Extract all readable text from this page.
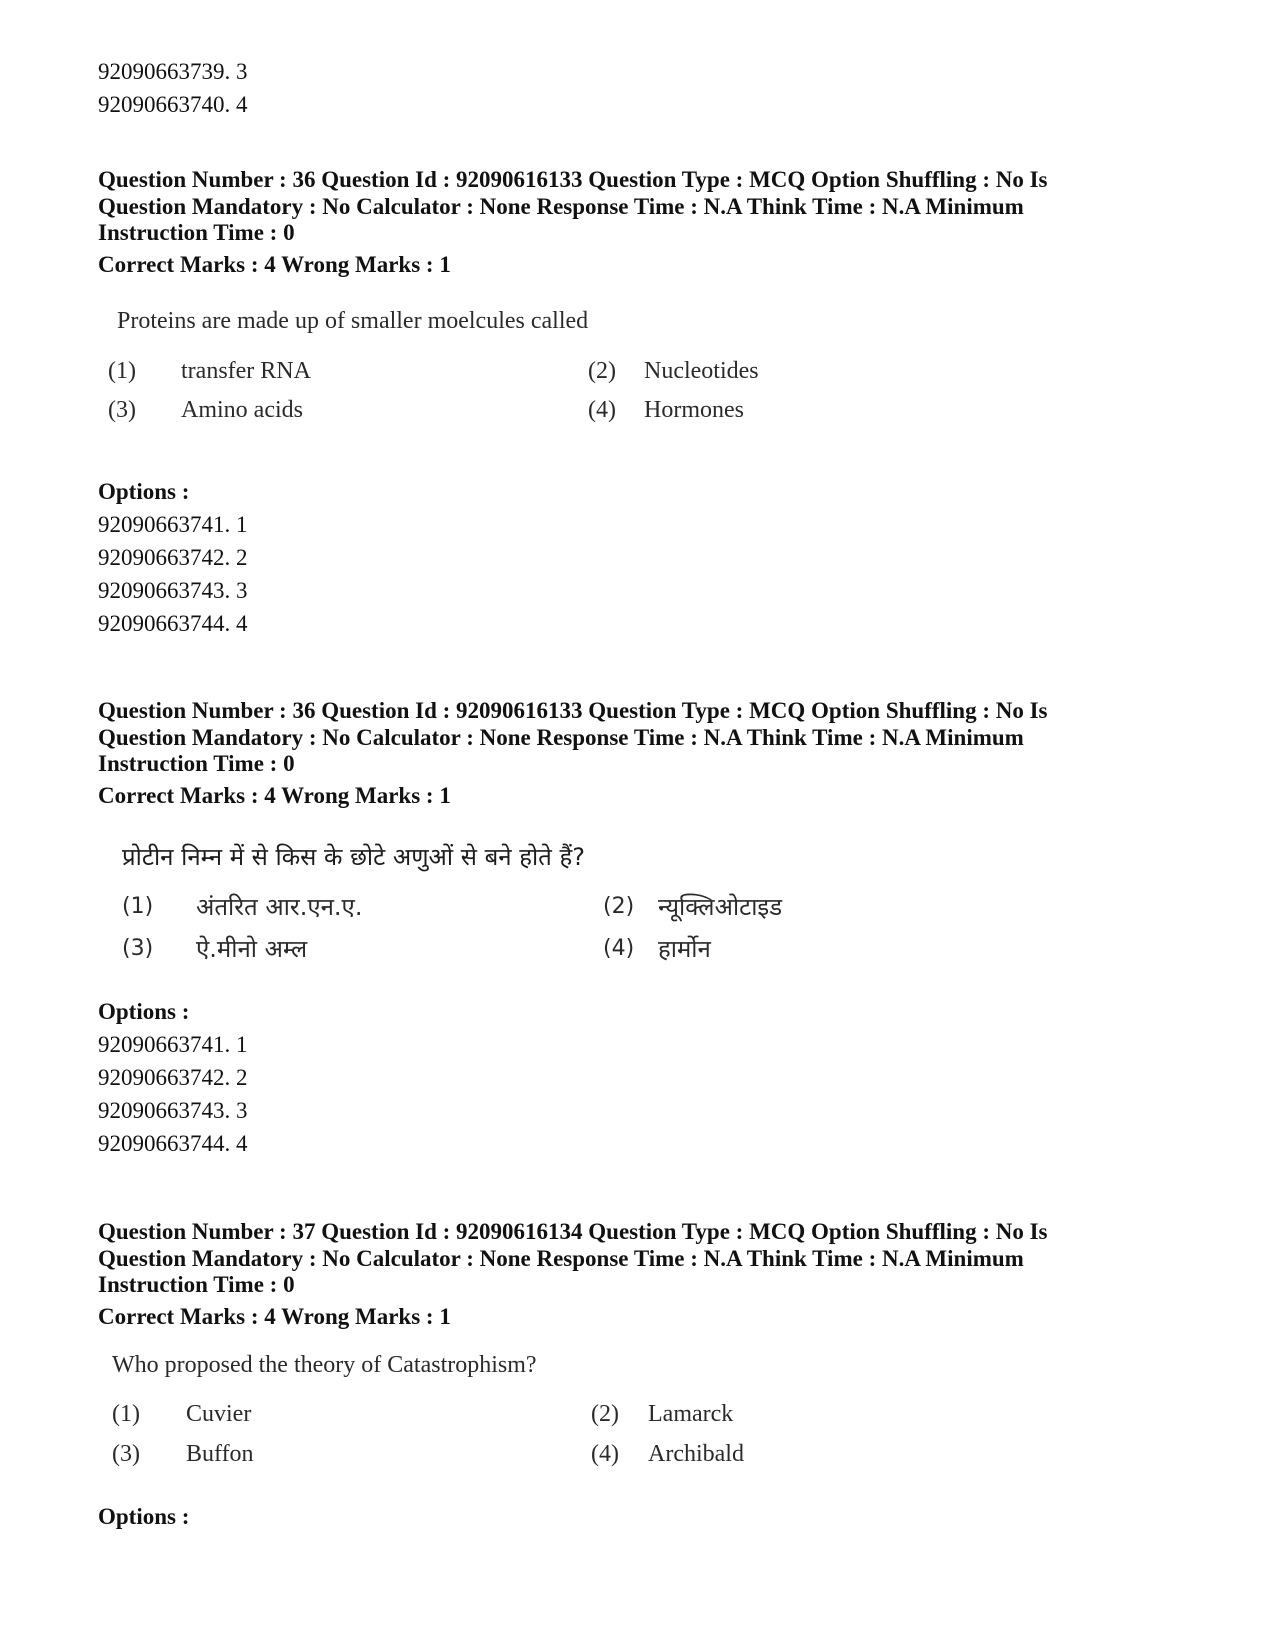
92090663739. 3
92090663740. 4
Question Number : 36 Question Id : 92090616133 Question Type : MCQ Option Shuffling : No Is
Question Mandatory : No Calculator : None Response Time : N.A Think Time : N.A Minimum
Instruction Time : 0
Correct Marks : 4 Wrong Marks : 1
Proteins are made up of smaller moelcules called
(1) transfer RNA	(2) Nucleotides
(3) Amino acids	(4) Hormones
Options :
92090663741. 1
92090663742. 2
92090663743. 3
92090663744. 4
Question Number : 36 Question Id : 92090616133 Question Type : MCQ Option Shuffling : No Is
Question Mandatory : No Calculator : None Response Time : N.A Think Time : N.A Minimum
Instruction Time : 0
Correct Marks : 4 Wrong Marks : 1
प्रोटीन निम्न में से किस के छोटे अणुओं से बने होते हैं?
(1) अंतरित आर.एन.ए.	(2) न्यूक्लिओटाइड
(3) ऐ.मीनो अम्ल	(4) हार्मोन
Options :
92090663741. 1
92090663742. 2
92090663743. 3
92090663744. 4
Question Number : 37 Question Id : 92090616134 Question Type : MCQ Option Shuffling : No Is
Question Mandatory : No Calculator : None Response Time : N.A Think Time : N.A Minimum
Instruction Time : 0
Correct Marks : 4 Wrong Marks : 1
Who proposed the theory of Catastrophism?
(1) Cuvier	(2) Lamarck
(3) Buffon	(4) Archibald
Options :
